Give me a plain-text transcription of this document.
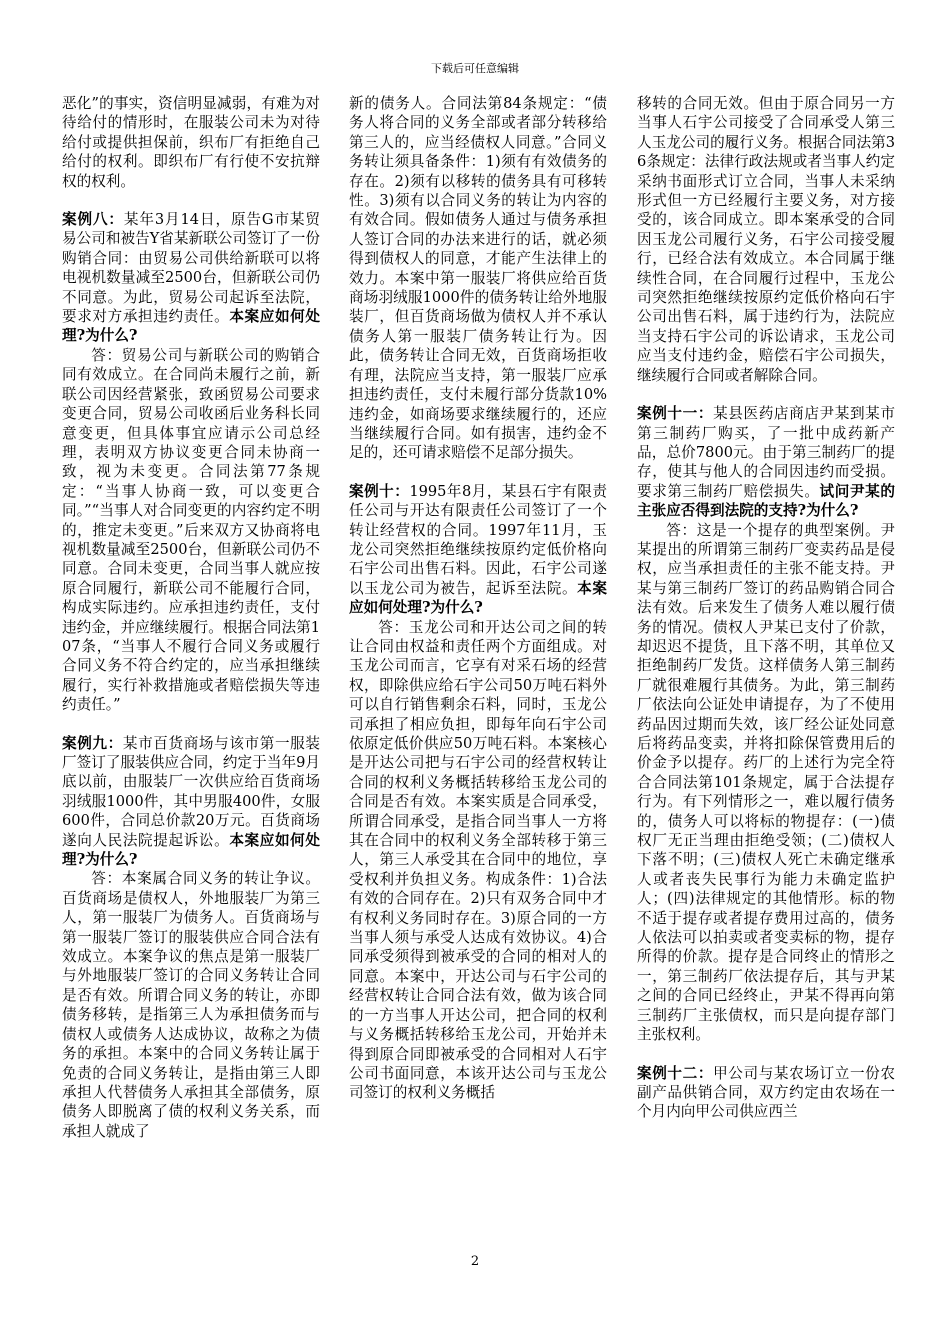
下载后可任意编辑

恶化”的事实，资信明显减弱，有难为对待给付的情形时，在服装公司未为对待给付或提供担保前，织布厂有拒绝自己给付的权利。即织布厂有行使不安抗辩权的权利。

案例八：某年3月14日，原告G市某贸易公司和被告Y省某新联公司签订了一份购销合同：由贸易公司供给新联可以将电视机数量减至2500台，但新联公司仍不同意。为此，贸易公司起诉至法院，要求对方承担违约责任。本案应如何处理?为什么?

答：贸易公司与新联公司的购销合同有效成立。在合同尚未履行之前，新联公司因经营紧张，致函贸易公司要求变更合同，贸易公司收函后业务科长同意变更，但具体事宜应请示公司总经理，表明双方协议变更合同未协商一致，视为未变更。合同法第77条规定：“当事人协商一致，可以变更合同。”“当事人对合同变更的内容约定不明的，推定未变更。”后来双方又协商将电视机数量减至2500台，但新联公司仍不同意。合同未变更，合同当事人就应按原合同履行，新联公司不能履行合同，构成实际违约。应承担违约责任，支付违约金，并应继续履行。根据合同法第107条，“当事人不履行合同义务或履行合同义务不符合约定的，应当承担继续履行，实行补救措施或者赔偿损失等违约责任。”

案例九：某市百货商场与该市第一服装厂签订了服装供应合同，约定于当年9月底以前，由服装厂一次供应给百货商场羽绒服1000件，其中男服400件，女服600件，合同总价款20万元。百货商场遂向人民法院提起诉讼。本案应如何处理?为什么?

答：本案属合同义务的转让争议。百货商场是债权人，外地服装厂为第三人，第一服装厂为债务人。百货商场与第一服装厂签订的服装供应合同合法有效成立。本案争议的焦点是第一服装厂与外地服装厂签订的合同义务转让合同是否有效。所谓合同义务的转让，亦即债务移转，是指第三人为承担债务而与债权人或债务人达成协议，故称之为债务的承担。本案中的合同义务转让属于免责的合同义务转让，是指由第三人即承担人代替债务人承担其全部债务，原债务人即脱离了债的权利义务关系，而承担人就成了

新的债务人。合同法第84条规定：“债务人将合同的义务全部或者部分转移给第三人的，应当经债权人同意。”合同义务转让须具备条件：1)须有有效债务的存在。2)须有以移转的债务具有可移转性。3)须有以合同义务的转让为内容的有效合同。假如债务人通过与债务承担人签订合同的办法来进行的话，就必须得到债权人的同意，才能产生法律上的效力。本案中第一服装厂将供应给百货商场羽绒服1000件的债务转让给外地服装厂，但百货商场做为债权人并不承认债务人第一服装厂债务转让行为。因此，债务转让合同无效，百货商场拒收有理，法院应当支持，第一服装厂应承担违约责任，支付未履行部分货款10%违约金，如商场要求继续履行的，还应当继续履行合同。如有损害，违约金不足的，还可请求赔偿不足部分损失。

案例十：1995年8月，某县石宇有限责任公司与开达有限责任公司签订了一个转让经营权的合同。1997年11月，玉龙公司突然拒绝继续按原约定低价格向石宇公司出售石料。因此，石宇公司遂以玉龙公司为被告，起诉至法院。本案应如何处理?为什么?

答：玉龙公司和开达公司之间的转让合同由权益和责任两个方面组成。对玉龙公司而言，它享有对采石场的经营权，即除供应给石宇公司50万吨石料外可以自行销售剩余石料，同时，玉龙公司承担了相应负担，即每年向石宇公司依原定低价供应50万吨石料。本案核心是开达公司把与石宇公司的经营权转让合同的权利义务概括转移给玉龙公司的合同是否有效。本案实质是合同承受，所谓合同承受，是指合同当事人一方将其在合同中的权利义务全部转移于第三人，第三人承受其在合同中的地位，享受权利并负担义务。构成条件：1)合法有效的合同存在。2)只有双务合同中才有权利义务同时存在。3)原合同的一方当事人须与承受人达成有效协议。4)合同承受须得到被承受的合同的相对人的同意。本案中，开达公司与石宇公司的经营权转让合同合法有效，做为该合同的一方当事人开达公司，把合同的权利与义务概括转移给玉龙公司，开始并未得到原合同即被承受的合同相对人石宇公司书面同意，本该开达公司与玉龙公司签订的权利义务概括

移转的合同无效。但由于原合同另一方当事人石宇公司接受了合同承受人第三人玉龙公司的履行义务。根据合同法第36条规定：法律行政法规或者当事人约定采纳书面形式订立合同，当事人未采纳形式但一方已经履行主要义务，对方接受的，该合同成立。即本案承受的合同因玉龙公司履行义务，石宇公司接受履行，已经合法有效成立。本合同属于继续性合同，在合同履行过程中，玉龙公司突然拒绝继续按原约定低价格向石宇公司出售石料，属于违约行为，法院应当支持石宇公司的诉讼请求，玉龙公司应当支付违约金，赔偿石宇公司损失，继续履行合同或者解除合同。

案例十一：某县医药店商店尹某到某市第三制药厂购买，了一批中成药新产品，总价7800元。由于第三制药厂的提存，使其与他人的合同因违约而受损。要求第三制药厂赔偿损失。试问尹某的主张应否得到法院的支持?为什么?

答：这是一个提存的典型案例。尹某提出的所谓第三制药厂变卖药品是侵权，应当承担责任的主张不能支持。尹某与第三制药厂签订的药品购销合同合法有效。后来发生了债务人难以履行债务的情况。债权人尹某已支付了价款，却迟迟不提货，且下落不明，其单位又拒绝制药厂发货。这样债务人第三制药厂就很难履行其债务。为此，第三制药厂依法向公证处申请提存，为了不使用药品因过期而失效，该厂经公证处同意后将药品变卖，并将扣除保管费用后的价金予以提存。药厂的上述行为完全符合合同法第101条规定，属于合法提存行为。有下列情形之一，难以履行债务的，债务人可以将标的物提存：(一)债权厂无正当理由拒绝受领；(二)债权人下落不明；(三)债权人死亡未确定继承人或者丧失民事行为能力未确定监护人；(四)法律规定的其他情形。标的物不适于提存或者提存费用过高的，债务人依法可以拍卖或者变卖标的物，提存所得的价款。提存是合同终止的情形之一，第三制药厂依法提存后，其与尹某之间的合同已经终止，尹某不得再向第三制药厂主张债权，而只是向提存部门主张权利。

案例十二：甲公司与某农场订立一份农副产品供销合同，双方约定由农场在一个月内向甲公司供应西兰

2
